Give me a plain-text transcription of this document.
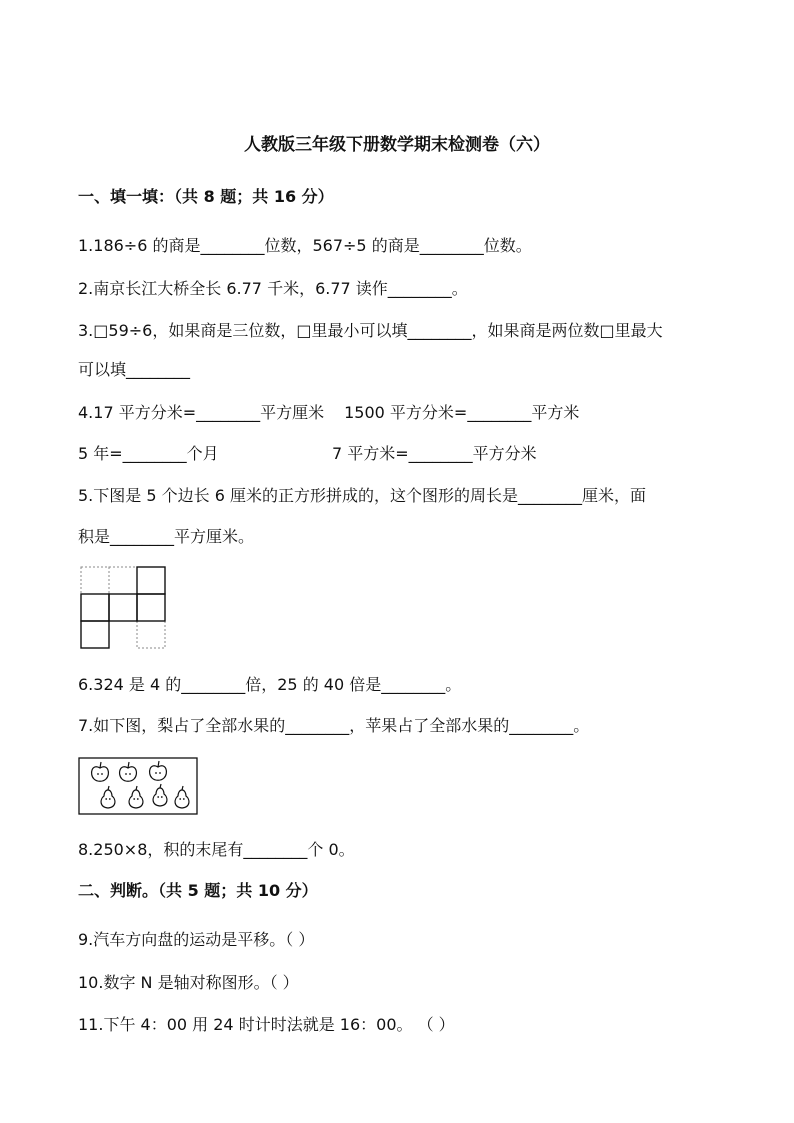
人教版三年级下册数学期末检测卷（六）
一、填一填：（共 8 题；共 16 分）
1.186÷6 的商是________位数，567÷5 的商是________位数。
2.南京长江大桥全长 6.77 千米，6.77 读作________。
3.□59÷6，如果商是三位数，□里最小可以填________，如果商是两位数□里最大
可以填________
4.17 平方分米=________平方厘米 1500 平方分米=________平方米
5 年=________个月	7 平方米=________平方分米
5.下图是 5 个边长 6 厘米的正方形拼成的，这个图形的周长是________厘米，面
积是________平方厘米。
6.324 是 4 的________倍，25 的 40 倍是________。
7.如下图，梨占了全部水果的________，苹果占了全部水果的________。
8.250×8，积的末尾有________个 0。
二、判断。（共 5 题；共 10 分）
9.汽车方向盘的运动是平移。（ ）
10.数字 N 是轴对称图形。（ ）
11.下午 4：00 用 24 时计时法就是 16：00。 （ ）
